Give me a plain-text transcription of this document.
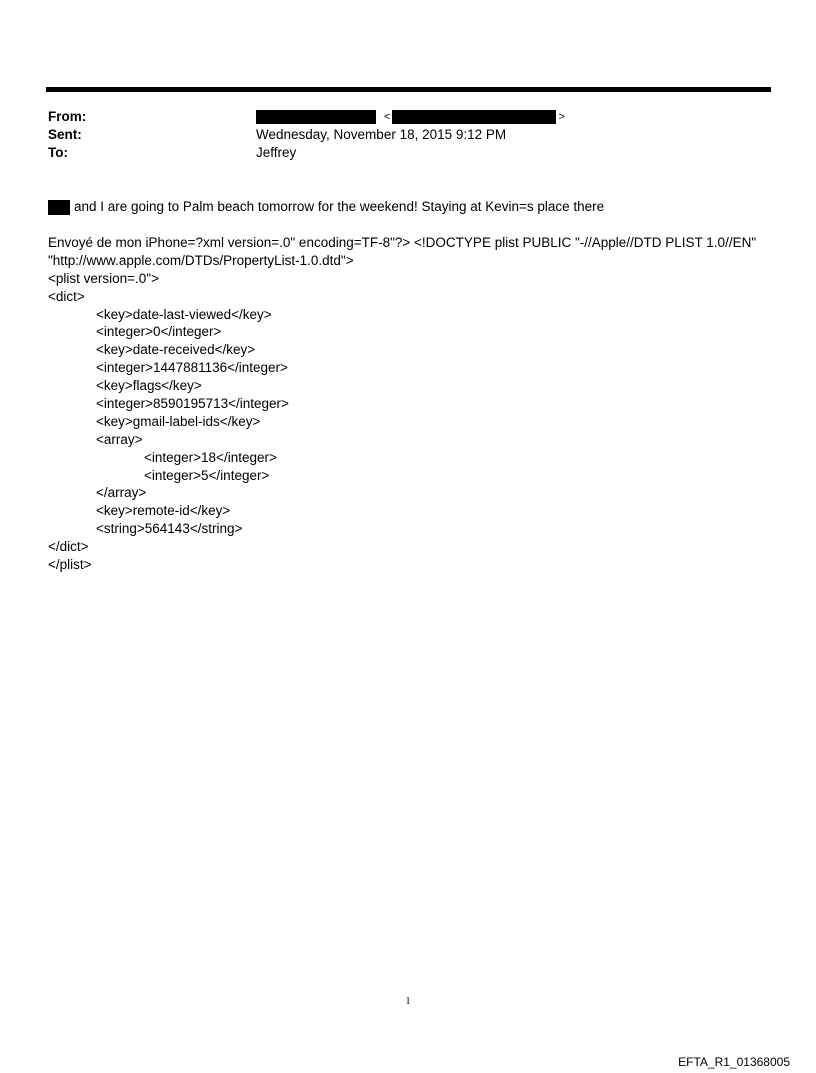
From:	<	>
Sent:	Wednesday, November 18, 2015 9:12 PM
To:	Jeffrey
and I are going to Palm beach tomorrow for the weekend! Staying at Kevin=s place there
Envoyé de mon iPhone=?xml version=.0" encoding=TF-8"?> <!DOCTYPE plist PUBLIC "-//Apple//DTD PLIST 1.0//EN"
"http://www.apple.com/DTDs/PropertyList-1.0.dtd">
<plist version=.0">
<dict>
<key>date-last-viewed</key>
<integer>0</integer>
<key>date-received</key>
<integer>1447881136</integer>
<key>flags</key>
<integer>8590195713</integer>
<key>gmail-label-ids</key>
<array>
<integer>18</integer>
<integer>5</integer>
</array>
<key>remote-id</key>
<string>564143</string>
</dict>
</plist>
1
EFTA_R1_01368005
